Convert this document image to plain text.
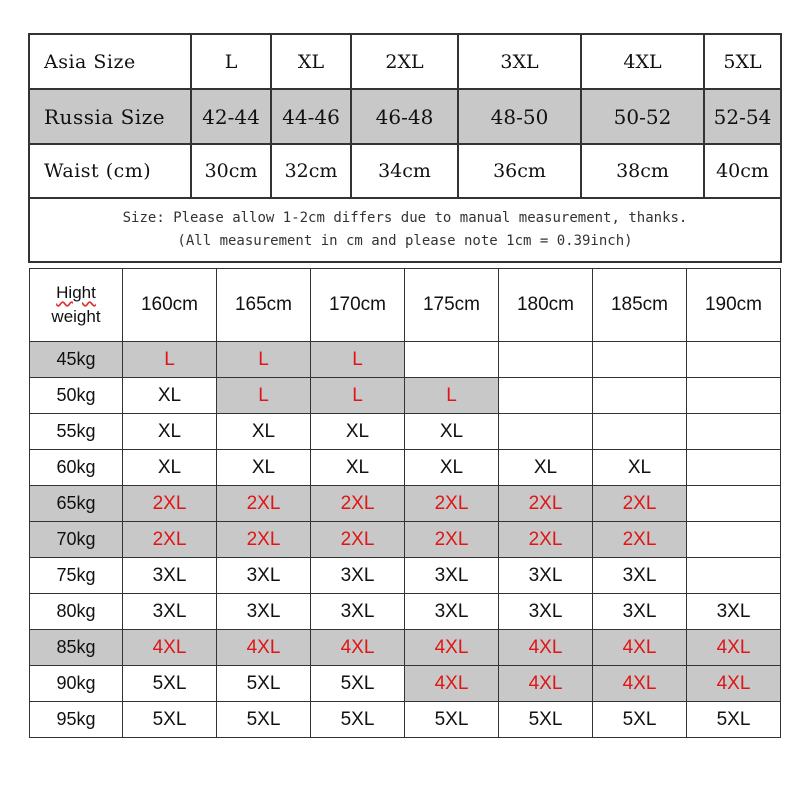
Asia Size	L	XL	2XL	3XL	4XL	5XL
Russia Size	42-44	44-46	46-48	48-50	50-52	52-54
Waist (cm)	30cm	32cm	34cm	36cm	38cm	40cm

Size: Please allow 1-2cm differs due to manual measurement, thanks.
(All measurement in cm and please note 1cm = 0.39inch)						
Hight
weight	160cm	165cm	170cm	175cm	180cm	185cm	190cm
45kg	L	L	L				
50kg	XL	L	L	L			
55kg	XL	XL	XL	XL			
60kg	XL	XL	XL	XL	XL	XL	
65kg	2XL	2XL	2XL	2XL	2XL	2XL	
70kg	2XL	2XL	2XL	2XL	2XL	2XL	
75kg	3XL	3XL	3XL	3XL	3XL	3XL	
80kg	3XL	3XL	3XL	3XL	3XL	3XL	3XL
85kg	4XL	4XL	4XL	4XL	4XL	4XL	4XL
90kg	5XL	5XL	5XL	4XL	4XL	4XL	4XL
95kg	5XL	5XL	5XL	5XL	5XL	5XL	5XL
